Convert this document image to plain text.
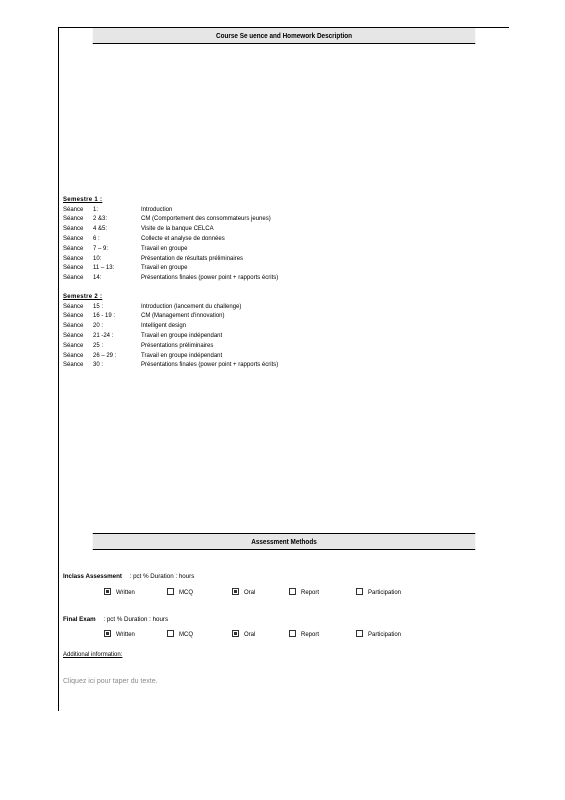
Course Se uence and Homework Description
Semestre 1 :
Séance 1:	Introduction
Séance 2 &3:	CM (Comportement des consommateurs jeunes)
Séance 4 &5:	Visite de la banque CELCA
Séance 6 :	Collecte et analyse de données
Séance 7 – 9:	Travail en groupe
Séance 10:	Présentation de résultats préliminaires
Séance 11 – 13:	Travail en groupe
Séance 14:	Présentations finales (power point + rapports écrits)
Semestre 2 :
Séance 15 :	Introduction (lancement du challenge)
Séance 16 - 19 :	CM (Management d'innovation)
Séance 20 :	Intelligent design
Séance 21 -24 :	Travail en groupe indépendant
Séance 25 :	Présentations préliminaires
Séance 26 – 29 :	Travail en groupe indépendant
Séance 30 :	Présentations finales (power point + rapports écrits)
Assessment Methods
Inclass Assessment : pct % Duration : hours
Written	MCQ	Oral	Report	Participation
Final Exam : pct % Duration : hours
Written	MCQ	Oral	Report	Participation
Additional information:
Cliquez ici pour taper du texte.
